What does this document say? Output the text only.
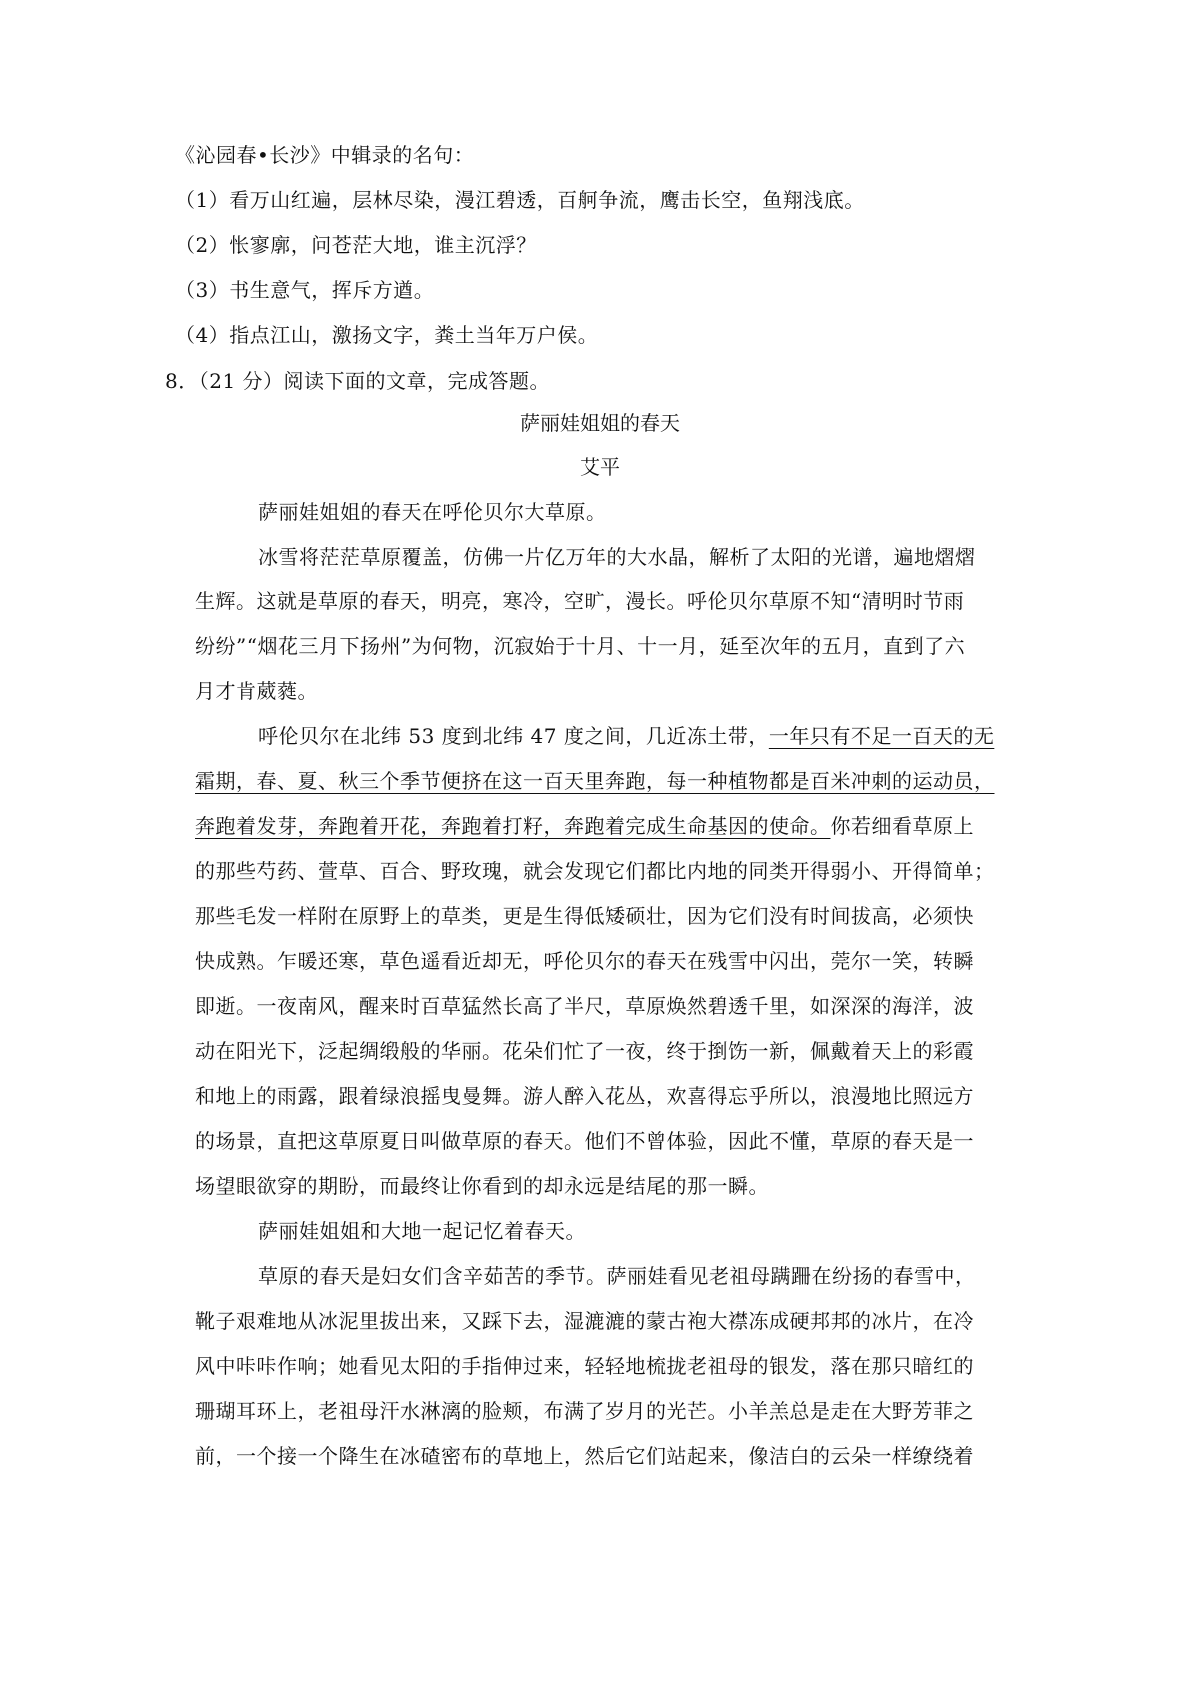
《沁园春•长沙》中辑录的名句：
（1）看万山红遍，层林尽染，漫江碧透，百舸争流，鹰击长空，鱼翔浅底。
（2）怅寥廓，问苍茫大地，谁主沉浮？
（3）书生意气，挥斥方遒。
（4）指点江山，激扬文字，粪土当年万户侯。
8．（21 分）阅读下面的文章，完成答题。
萨丽娃姐姐的春天
艾平
萨丽娃姐姐的春天在呼伦贝尔大草原。
冰雪将茫茫草原覆盖，仿佛一片亿万年的大水晶，解析了太阳的光谱，遍地熠熠
生辉。这就是草原的春天，明亮，寒冷，空旷，漫长。呼伦贝尔草原不知“清明时节雨
纷纷”“烟花三月下扬州”为何物，沉寂始于十月、十一月，延至次年的五月，直到了六
月才肯葳蕤。
呼伦贝尔在北纬 53 度到北纬 47 度之间，几近冻土带，一年只有不足一百天的无
霜期，春、夏、秋三个季节便挤在这一百天里奔跑，每一种植物都是百米冲刺的运动员，
奔跑着发芽，奔跑着开花，奔跑着打籽，奔跑着完成生命基因的使命。你若细看草原上
的那些芍药、萱草、百合、野玫瑰，就会发现它们都比内地的同类开得弱小、开得简单；
那些毛发一样附在原野上的草类，更是生得低矮硕壮，因为它们没有时间拔高，必须快
快成熟。乍暖还寒，草色遥看近却无，呼伦贝尔的春天在残雪中闪出，莞尔一笑，转瞬
即逝。一夜南风，醒来时百草猛然长高了半尺，草原焕然碧透千里，如深深的海洋，波
动在阳光下，泛起绸缎般的华丽。花朵们忙了一夜，终于捯饬一新，佩戴着天上的彩霞
和地上的雨露，跟着绿浪摇曳曼舞。游人醉入花丛，欢喜得忘乎所以，浪漫地比照远方
的场景，直把这草原夏日叫做草原的春天。他们不曾体验，因此不懂，草原的春天是一
场望眼欲穿的期盼，而最终让你看到的却永远是结尾的那一瞬。
萨丽娃姐姐和大地一起记忆着春天。
草原的春天是妇女们含辛茹苦的季节。萨丽娃看见老祖母蹒跚在纷扬的春雪中，
靴子艰难地从冰泥里拔出来，又踩下去，湿漉漉的蒙古袍大襟冻成硬邦邦的冰片，在冷
风中咔咔作响；她看见太阳的手指伸过来，轻轻地梳拢老祖母的银发，落在那只暗红的
珊瑚耳环上，老祖母汗水淋漓的脸颊，布满了岁月的光芒。小羊羔总是走在大野芳菲之
前，一个接一个降生在冰碴密布的草地上，然后它们站起来，像洁白的云朵一样缭绕着
